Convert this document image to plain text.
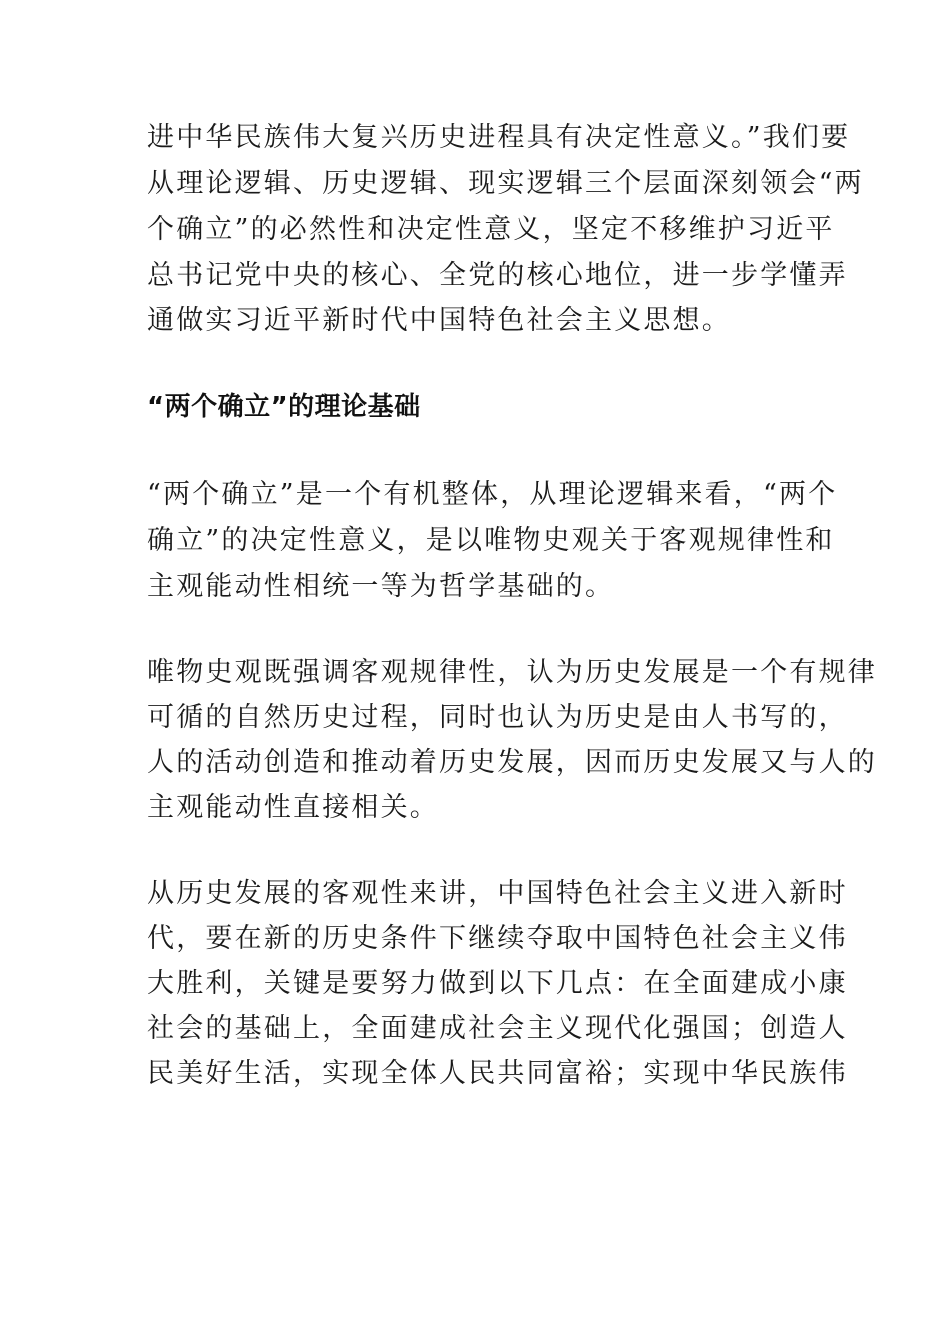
进中华民族伟大复兴历史进程具有决定性意义。”我们要
从理论逻辑、历史逻辑、现实逻辑三个层面深刻领会“两
个确立”的必然性和决定性意义，坚定不移维护习近平
总书记党中央的核心、全党的核心地位，进一步学懂弄
通做实习近平新时代中国特色社会主义思想。
“两个确立”的理论基础
“两个确立”是一个有机整体，从理论逻辑来看，“两个
确立”的决定性意义，是以唯物史观关于客观规律性和
主观能动性相统一等为哲学基础的。
唯物史观既强调客观规律性，认为历史发展是一个有规律
可循的自然历史过程，同时也认为历史是由人书写的，
人的活动创造和推动着历史发展，因而历史发展又与人的
主观能动性直接相关。
从历史发展的客观性来讲，中国特色社会主义进入新时
代，要在新的历史条件下继续夺取中国特色社会主义伟
大胜利，关键是要努力做到以下几点：在全面建成小康
社会的基础上，全面建成社会主义现代化强国；创造人
民美好生活，实现全体人民共同富裕；实现中华民族伟
